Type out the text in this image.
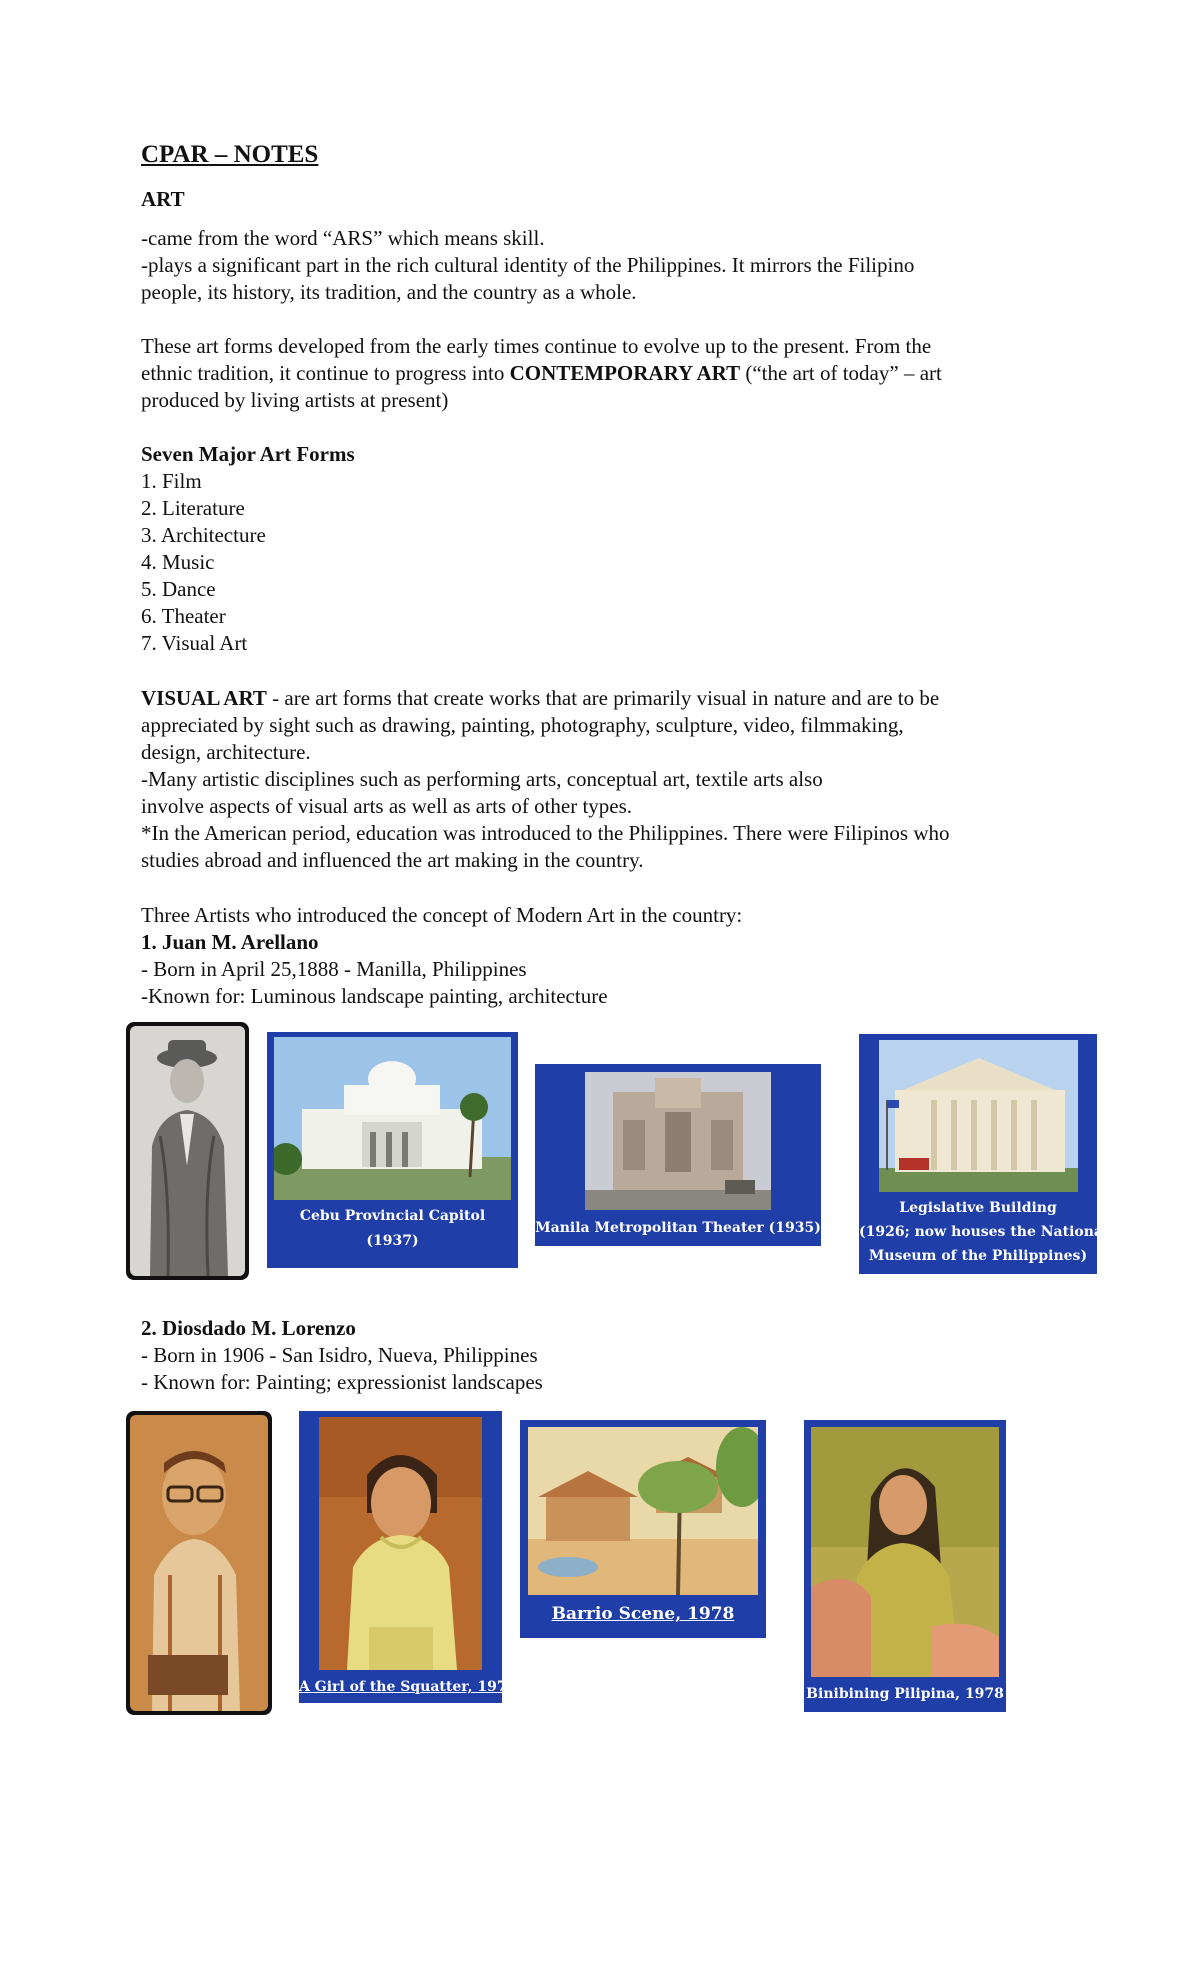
CPAR – NOTES

ART

-came from the word “ARS” which means skill.

-plays a significant part in the rich cultural identity of the Philippines. It mirrors the Filipino

people, its history, its tradition, and the country as a whole.

These art forms developed from the early times continue to evolve up to the present. From the

ethnic tradition, it continue to progress into CONTEMPORARY ART (“the art of today” – art

produced by living artists at present)

Seven Major Art Forms

1. Film

2. Literature

3. Architecture

4. Music

5. Dance

6. Theater

7. Visual Art

VISUAL ART - are art forms that create works that are primarily visual in nature and are to be

appreciated by sight such as drawing, painting, photography, sculpture, video, filmmaking,

design, architecture.

-Many artistic disciplines such as performing arts, conceptual art, textile arts also

involve aspects of visual arts as well as arts of other types.

*In the American period, education was introduced to the Philippines. There were Filipinos who

studies abroad and influenced the art making in the country.

Three Artists who introduced the concept of Modern Art in the country:

1. Juan M. Arellano

- Born in April 25,1888 - Manilla, Philippines

-Known for: Luminous landscape painting, architecture

Cebu Provincial Capitol
(1937)
Manila Metropolitan Theater (1935)
Legislative Building
(1926; now houses the National
Museum of the Philippines)

2. Diosdado M. Lorenzo

- Born in 1906 - San Isidro, Nueva, Philippines

- Known for: Painting; expressionist landscapes

A Girl of the Squatter, 1972
Barrio Scene, 1978
Binibining Pilipina, 1978
